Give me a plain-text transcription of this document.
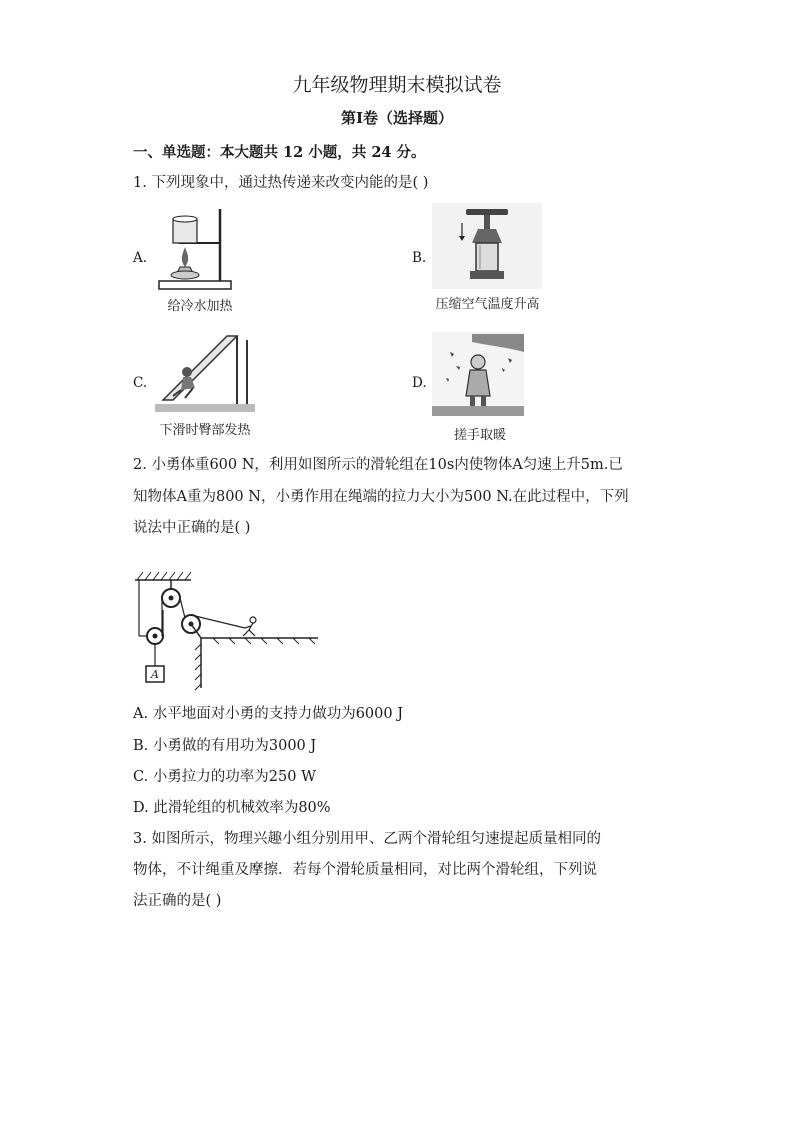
九年级物理期末模拟试卷
第I卷（选择题）
一、单选题：本大题共 12 小题，共 24 分。
1. 下列现象中，通过热传递来改变内能的是( )
A.
给冷水加热
B.
压缩空气温度升高
C.
下滑时臀部发热
D.
搓手取暖
2. 小勇体重600 N，利用如图所示的滑轮组在10s内使物体A匀速上升5m.已
知物体A重为800 N，小勇作用在绳端的拉力大小为500 N.在此过程中，下列
说法中正确的是( )
A
A. 水平地面对小勇的支持力做功为6000 J
B. 小勇做的有用功为3000 J
C. 小勇拉力的功率为250 W
D. 此滑轮组的机械效率为80%
3. 如图所示，物理兴趣小组分别用甲、乙两个滑轮组匀速提起质量相同的
物体，不计绳重及摩擦．若每个滑轮质量相同，对比两个滑轮组，下列说
法正确的是( )
